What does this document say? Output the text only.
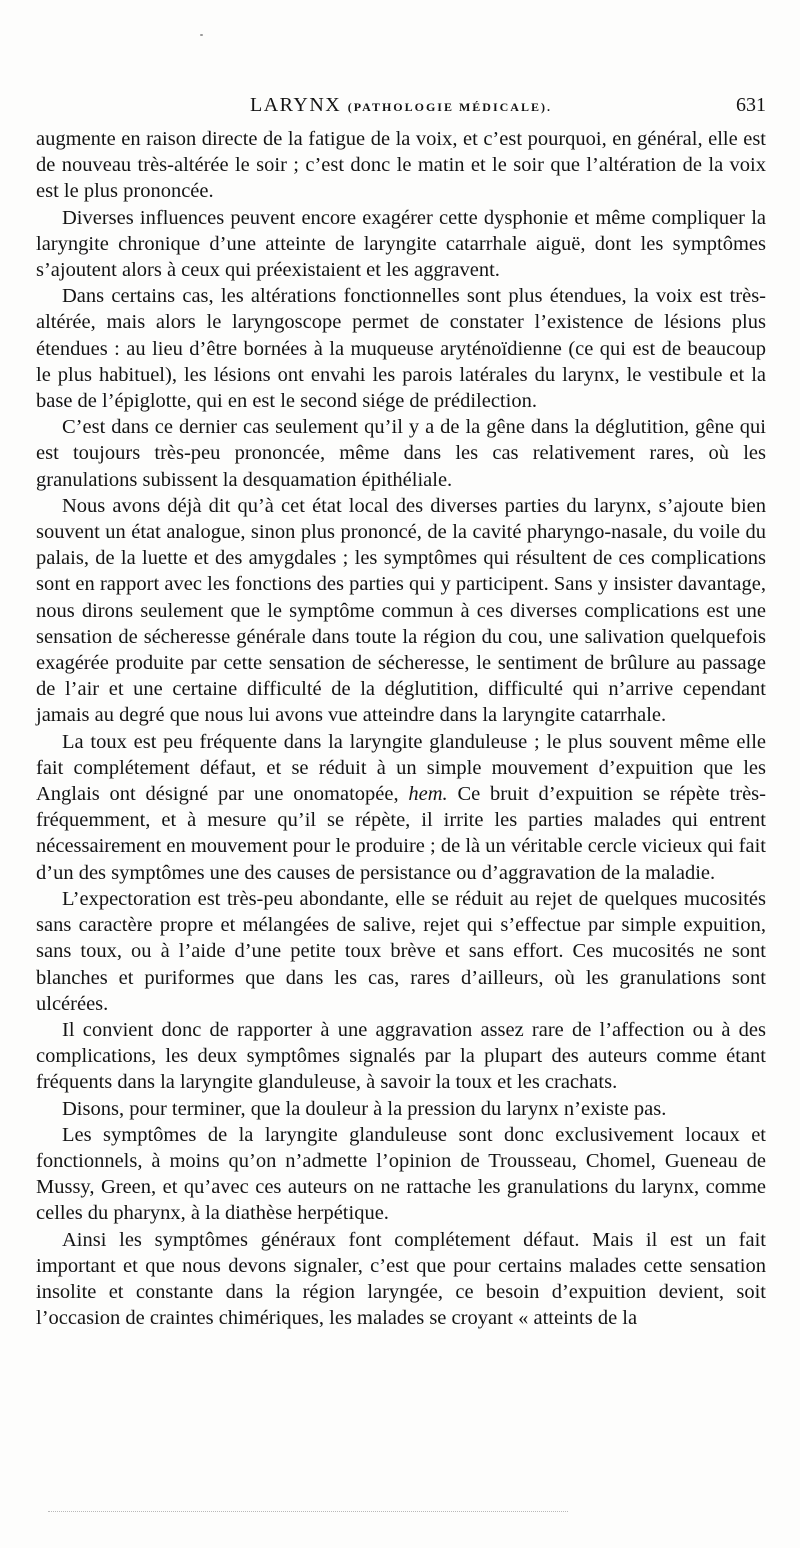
LARYNX (PATHOLOGIE MÉDICALE).	631

augmente en raison directe de la fatigue de la voix, et c’est pourquoi, en général, elle est de nouveau très-altérée le soir ; c’est donc le matin et le soir que l’altération de la voix est le plus prononcée.

Diverses influences peuvent encore exagérer cette dysphonie et même compliquer la laryngite chronique d’une atteinte de laryngite catarrhale aiguë, dont les symptômes s’ajoutent alors à ceux qui préexistaient et les aggravent.

Dans certains cas, les altérations fonctionnelles sont plus étendues, la voix est très-altérée, mais alors le laryngoscope permet de constater l’existence de lésions plus étendues : au lieu d’être bornées à la muqueuse aryténoïdienne (ce qui est de beaucoup le plus habituel), les lésions ont envahi les parois latérales du larynx, le vestibule et la base de l’épiglotte, qui en est le second siége de prédilection.

C’est dans ce dernier cas seulement qu’il y a de la gêne dans la déglutition, gêne qui est toujours très-peu prononcée, même dans les cas relativement rares, où les granulations subissent la desquamation épithéliale.

Nous avons déjà dit qu’à cet état local des diverses parties du larynx, s’ajoute bien souvent un état analogue, sinon plus prononcé, de la cavité pharyngo-nasale, du voile du palais, de la luette et des amygdales ; les symptômes qui résultent de ces complications sont en rapport avec les fonctions des parties qui y participent. Sans y insister davantage, nous dirons seulement que le symptôme commun à ces diverses complications est une sensation de sécheresse générale dans toute la région du cou, une salivation quelquefois exagérée produite par cette sensation de sécheresse, le sentiment de brûlure au passage de l’air et une certaine difficulté de la déglutition, difficulté qui n’arrive cependant jamais au degré que nous lui avons vue atteindre dans la laryngite catarrhale.

La toux est peu fréquente dans la laryngite glanduleuse ; le plus souvent même elle fait complétement défaut, et se réduit à un simple mouvement d’expuition que les Anglais ont désigné par une onomatopée, hem. Ce bruit d’expuition se répète très-fréquemment, et à mesure qu’il se répète, il irrite les parties malades qui entrent nécessairement en mouvement pour le produire ; de là un véritable cercle vicieux qui fait d’un des symptômes une des causes de persistance ou d’aggravation de la maladie.

L’expectoration est très-peu abondante, elle se réduit au rejet de quelques mucosités sans caractère propre et mélangées de salive, rejet qui s’effectue par simple expuition, sans toux, ou à l’aide d’une petite toux brève et sans effort. Ces mucosités ne sont blanches et puriformes que dans les cas, rares d’ailleurs, où les granulations sont ulcérées.

Il convient donc de rapporter à une aggravation assez rare de l’affection ou à des complications, les deux symptômes signalés par la plupart des auteurs comme étant fréquents dans la laryngite glanduleuse, à savoir la toux et les crachats.

Disons, pour terminer, que la douleur à la pression du larynx n’existe pas.

Les symptômes de la laryngite glanduleuse sont donc exclusivement locaux et fonctionnels, à moins qu’on n’admette l’opinion de Trousseau, Chomel, Gueneau de Mussy, Green, et qu’avec ces auteurs on ne rattache les granulations du larynx, comme celles du pharynx, à la diathèse herpétique.

Ainsi les symptômes généraux font complétement défaut. Mais il est un fait important et que nous devons signaler, c’est que pour certains malades cette sensation insolite et constante dans la région laryngée, ce besoin d’expuition devient, soit l’occasion de craintes chimériques, les malades se croyant « atteints de la
